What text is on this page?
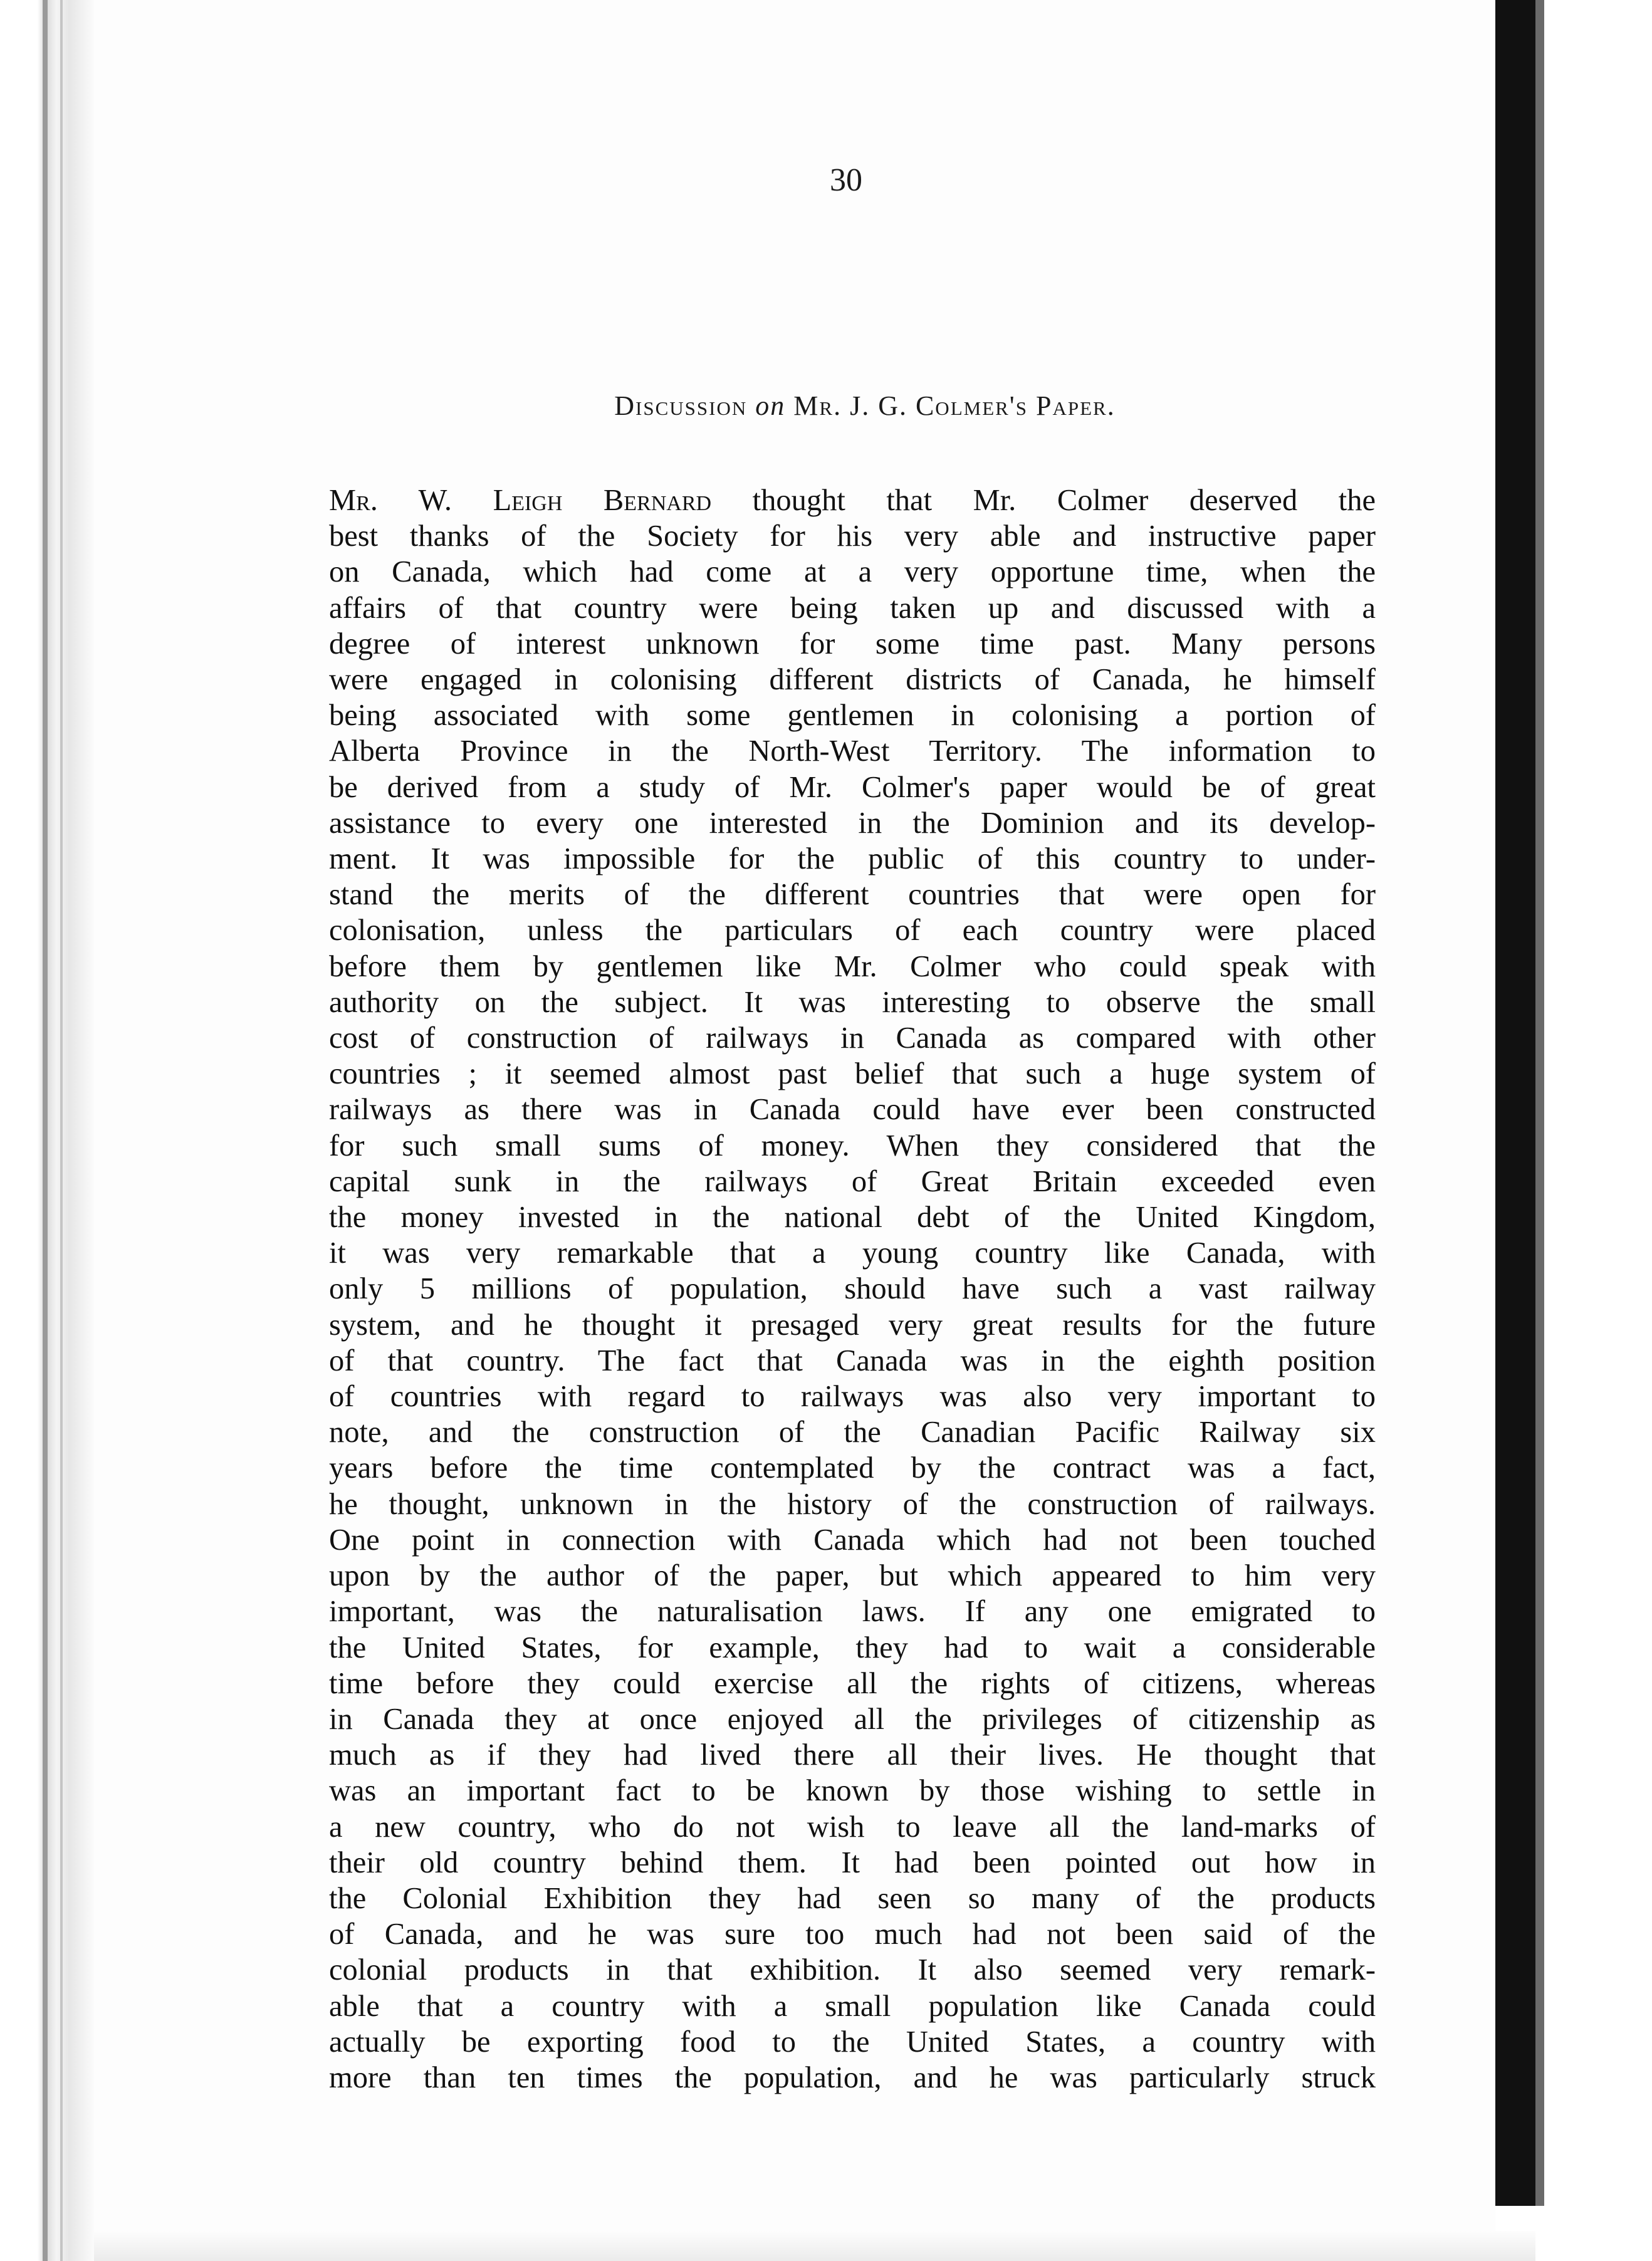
30
Discussion on Mr. J. G. Colmer's Paper.
Mr. W. Leigh Bernard thought that Mr. Colmer deserved the
best thanks of the Society for his very able and instructive paper
on Canada, which had come at a very opportune time, when the
affairs of that country were being taken up and discussed with a
degree of interest unknown for some time past. Many persons
were engaged in colonising different districts of Canada, he himself
being associated with some gentlemen in colonising a portion of
Alberta Province in the North-West Territory. The information to
be derived from a study of Mr. Colmer's paper would be of great
assistance to every one interested in the Dominion and its develop-
ment. It was impossible for the public of this country to under-
stand the merits of the different countries that were open for
colonisation, unless the particulars of each country were placed
before them by gentlemen like Mr. Colmer who could speak with
authority on the subject. It was interesting to observe the small
cost of construction of railways in Canada as compared with other
countries ; it seemed almost past belief that such a huge system of
railways as there was in Canada could have ever been constructed
for such small sums of money. When they considered that the
capital sunk in the railways of Great Britain exceeded even
the money invested in the national debt of the United Kingdom,
it was very remarkable that a young country like Canada, with
only 5 millions of population, should have such a vast railway
system, and he thought it presaged very great results for the future
of that country. The fact that Canada was in the eighth position
of countries with regard to railways was also very important to
note, and the construction of the Canadian Pacific Railway six
years before the time contemplated by the contract was a fact,
he thought, unknown in the history of the construction of railways.
One point in connection with Canada which had not been touched
upon by the author of the paper, but which appeared to him very
important, was the naturalisation laws. If any one emigrated to
the United States, for example, they had to wait a considerable
time before they could exercise all the rights of citizens, whereas
in Canada they at once enjoyed all the privileges of citizenship as
much as if they had lived there all their lives. He thought that
was an important fact to be known by those wishing to settle in
a new country, who do not wish to leave all the land-marks of
their old country behind them. It had been pointed out how in
the Colonial Exhibition they had seen so many of the products
of Canada, and he was sure too much had not been said of the
colonial products in that exhibition. It also seemed very remark-
able that a country with a small population like Canada could
actually be exporting food to the United States, a country with
more than ten times the population, and he was particularly struck
